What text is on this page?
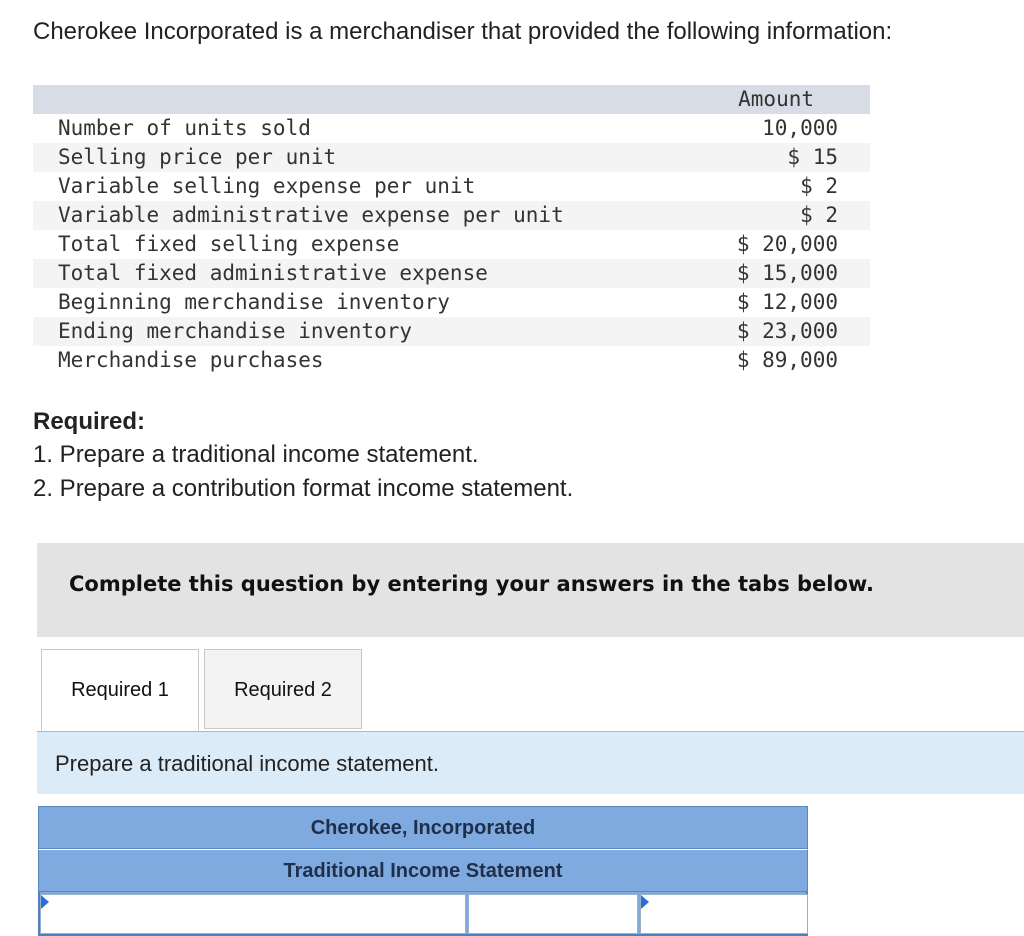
Cherokee Incorporated is a merchandiser that provided the following information:
Amount
Number of units sold	10,000
Selling price per unit	$ 15
Variable selling expense per unit	$ 2
Variable administrative expense per unit	$ 2
Total fixed selling expense	$ 20,000
Total fixed administrative expense	$ 15,000
Beginning merchandise inventory	$ 12,000
Ending merchandise inventory	$ 23,000
Merchandise purchases	$ 89,000

Required:

1. Prepare a traditional income statement.

2. Prepare a contribution format income statement.

Complete this question by entering your answers in the tabs below.
Required 1	Required 2
Prepare a traditional income statement.
Cherokee, Incorporated
Traditional Income Statement
